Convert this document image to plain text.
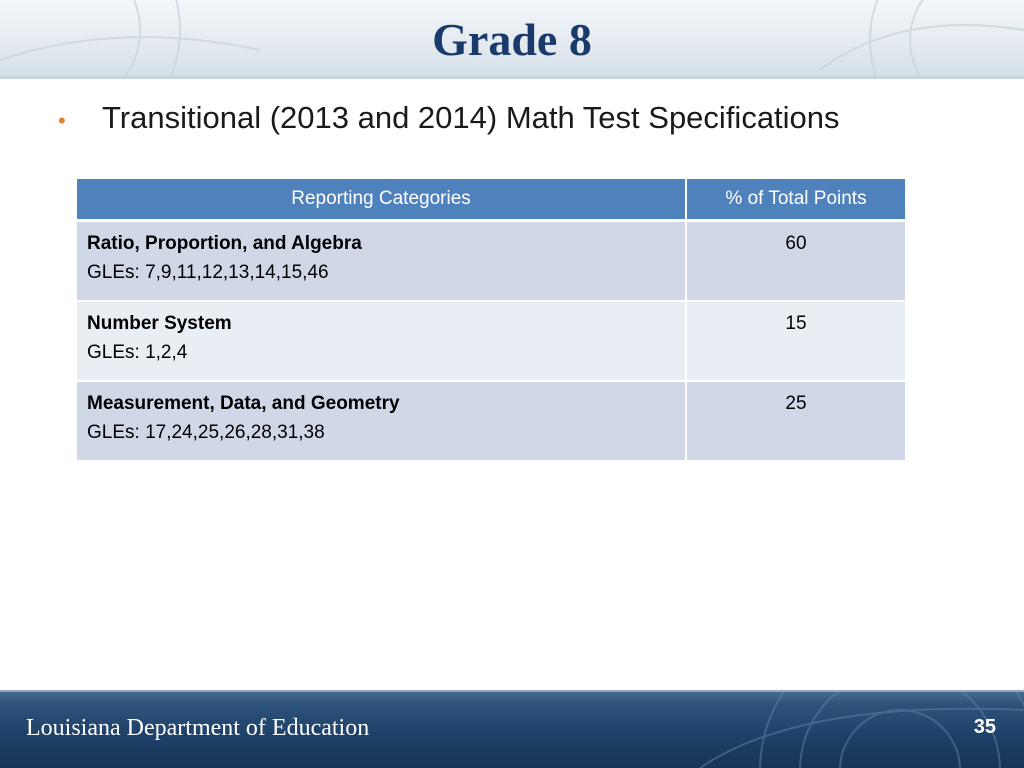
Grade 8
•	Transitional (2013 and 2014) Math Test Specifications
Reporting Categories	% of Total Points

Ratio, Proportion, and Algebra
GLEs: 7,9,11,12,13,14,15,46	60

Number System
GLEs: 1,2,4	15

Measurement, Data, and Geometry
GLEs: 17,24,25,26,28,31,38	25

Louisiana Department of Education	35
